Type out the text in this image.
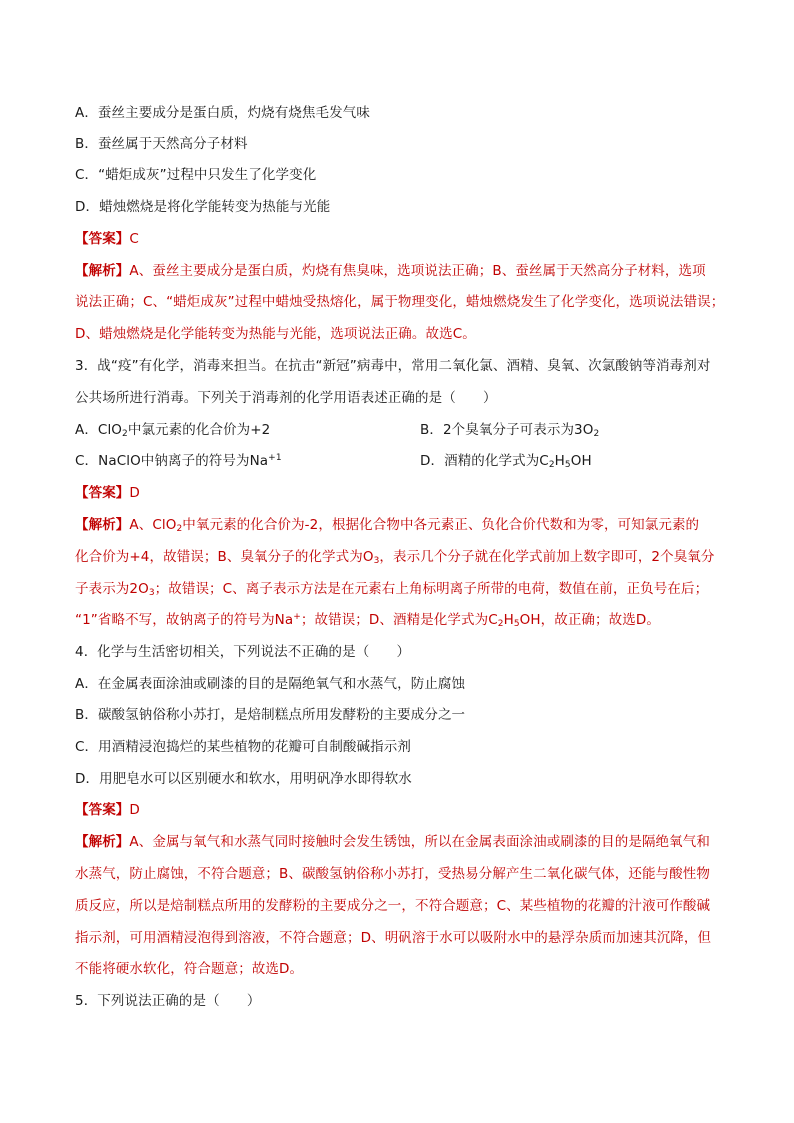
A．蚕丝主要成分是蛋白质，灼烧有烧焦毛发气味
B．蚕丝属于天然高分子材料
C．“蜡炬成灰”过程中只发生了化学变化
D．蜡烛燃烧是将化学能转变为热能与光能
【答案】C
【解析】A、蚕丝主要成分是蛋白质，灼烧有焦臭味，选项说法正确；B、蚕丝属于天然高分子材料，选项
说法正确；C、“蜡炬成灰”过程中蜡烛受热熔化，属于物理变化，蜡烛燃烧发生了化学变化，选项说法错误；
D、蜡烛燃烧是化学能转变为热能与光能，选项说法正确。故选C。
3．战“疫”有化学，消毒来担当。在抗击“新冠”病毒中，常用二氧化氯、酒精、臭氧、次氯酸钠等消毒剂对
公共场所进行消毒。下列关于消毒剂的化学用语表述正确的是（　　）
A．ClO$_2$中氯元素的化合价为+2	B．2个臭氧分子可表示为$3O_2$
C．NaClO中钠离子的符号为$Na^{+1}$	D．酒精的化学式为$C_2H_5OH$
【答案】D
【解析】A、ClO$_2$中氧元素的化合价为-2，根据化合物中各元素正、负化合价代数和为零，可知氯元素的
化合价为+4，故错误；B、臭氧分子的化学式为$O_3$，表示几个分子就在化学式前加上数字即可，2个臭氧分
子表示为$2O_3$；故错误；C、离子表示方法是在元素右上角标明离子所带的电荷，数值在前，正负号在后；
“1”省略不写，故钠离子的符号为Na+；故错误；D、酒精是化学式为$C_2H_5OH$，故正确；故选D。
4．化学与生活密切相关，下列说法不正确的是（　　）
A．在金属表面涂油或刷漆的目的是隔绝氧气和水蒸气，防止腐蚀
B．碳酸氢钠俗称小苏打，是焙制糕点所用发酵粉的主要成分之一
C．用酒精浸泡捣烂的某些植物的花瓣可自制酸碱指示剂
D．用肥皂水可以区别硬水和软水，用明矾净水即得软水
【答案】D
【解析】A、金属与氧气和水蒸气同时接触时会发生锈蚀，所以在金属表面涂油或刷漆的目的是隔绝氧气和
水蒸气，防止腐蚀，不符合题意；B、碳酸氢钠俗称小苏打，受热易分解产生二氧化碳气体，还能与酸性物
质反应，所以是焙制糕点所用的发酵粉的主要成分之一，不符合题意；C、某些植物的花瓣的汁液可作酸碱
指示剂，可用酒精浸泡得到溶液，不符合题意；D、明矾溶于水可以吸附水中的悬浮杂质而加速其沉降，但
不能将硬水软化，符合题意；故选D。
5．下列说法正确的是（　　）
